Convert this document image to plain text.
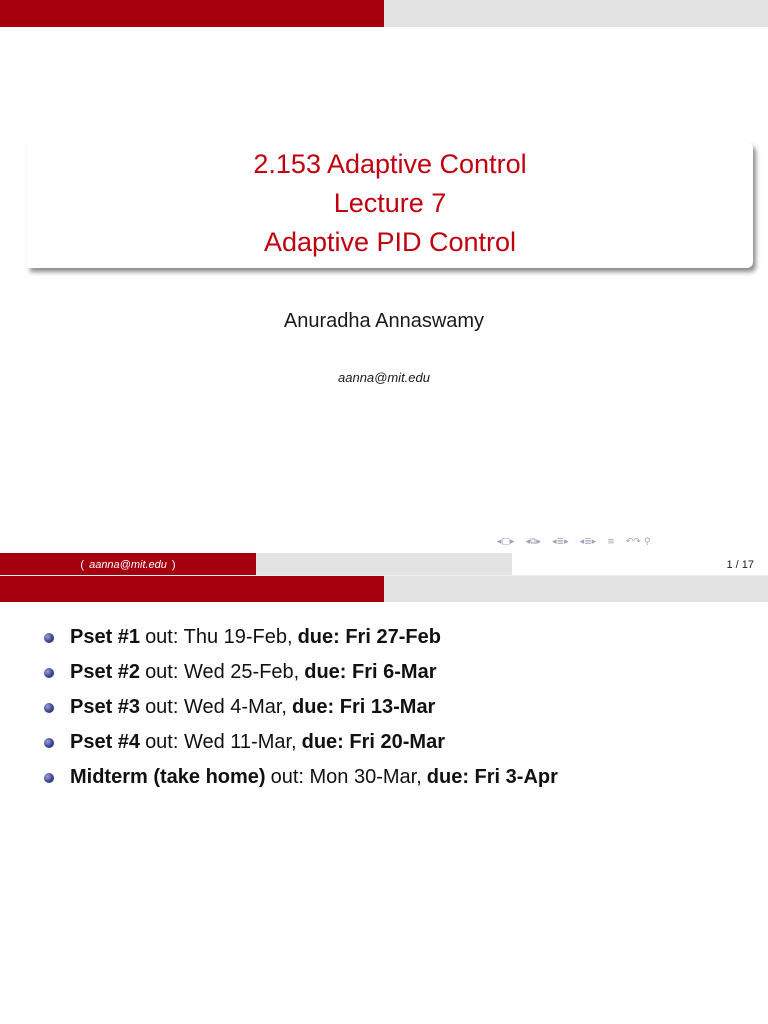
2.153 Adaptive Control
Lecture 7
Adaptive PID Control
Anuradha Annaswamy
aanna@mit.edu
◂□▸ ◂⧉▸ ◂≣▸ ◂≣▸ ≡ ↶↷ ⚲
( aanna@mit.edu )	1 / 17
Pset #1 out: Thu 19-Feb, due: Fri 27-Feb
Pset #2 out: Wed 25-Feb, due: Fri 6-Mar
Pset #3 out: Wed 4-Mar, due: Fri 13-Mar
Pset #4 out: Wed 11-Mar, due: Fri 20-Mar
Midterm (take home) out: Mon 30-Mar, due: Fri 3-Apr
